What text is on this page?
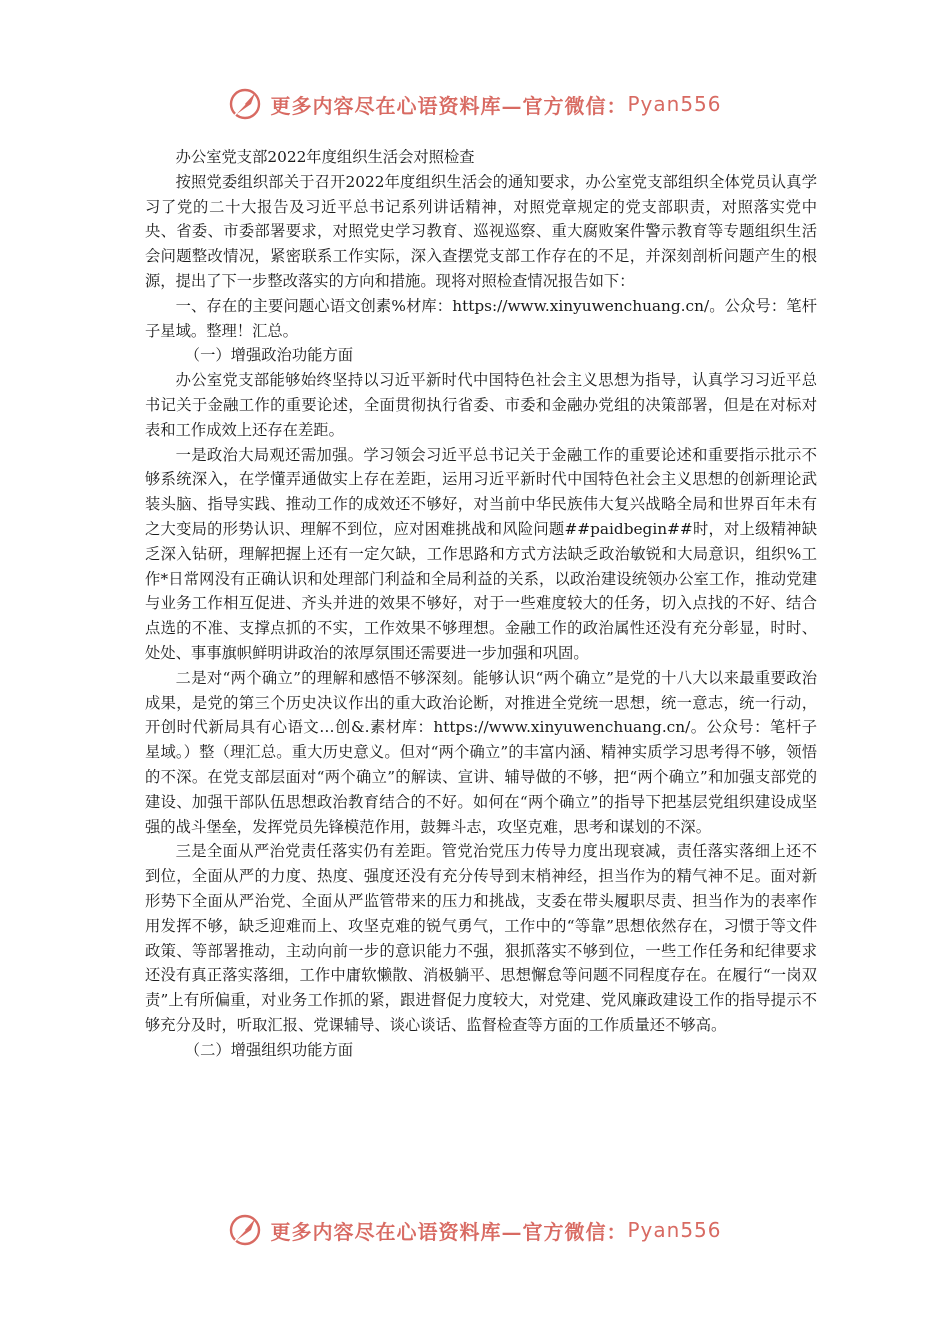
更多内容尽在心语资料库—官方微信： Pyan556

办公室党支部2022年度组织生活会对照检查

按照党委组织部关于召开2022年度组织生活会的通知要求，办公室党支部组织全体党员认真学习了党的二十大报告及习近平总书记系列讲话精神，对照党章规定的党支部职责，对照落实党中央、省委、市委部署要求，对照党史学习教育、巡视巡察、重大腐败案件警示教育等专题组织生活会问题整改情况，紧密联系工作实际，深入查摆党支部工作存在的不足，并深刻剖析问题产生的根源，提出了下一步整改落实的方向和措施。现将对照检查情况报告如下：

一、存在的主要问题心语文创素%材库：https://www.xinyuwenchuang.cn/。公众号：笔杆子星域。整理！汇总。

（一）增强政治功能方面

办公室党支部能够始终坚持以习近平新时代中国特色社会主义思想为指导，认真学习习近平总书记关于金融工作的重要论述，全面贯彻执行省委、市委和金融办党组的决策部署，但是在对标对表和工作成效上还存在差距。

一是政治大局观还需加强。学习领会习近平总书记关于金融工作的重要论述和重要指示批示不够系统深入，在学懂弄通做实上存在差距，运用习近平新时代中国特色社会主义思想的创新理论武装头脑、指导实践、推动工作的成效还不够好，对当前中华民族伟大复兴战略全局和世界百年未有之大变局的形势认识、理解不到位，应对困难挑战和风险问题##paidbegin##时，对上级精神缺乏深入钻研，理解把握上还有一定欠缺，工作思路和方式方法缺乏政治敏锐和大局意识，组织%工作*日常网没有正确认识和处理部门利益和全局利益的关系，以政治建设统领办公室工作，推动党建与业务工作相互促进、齐头并进的效果不够好，对于一些难度较大的任务，切入点找的不好、结合点选的不准、支撑点抓的不实，工作效果不够理想。金融工作的政治属性还没有充分彰显，时时、处处、事事旗帜鲜明讲政治的浓厚氛围还需要进一步加强和巩固。

二是对“两个确立”的理解和感悟不够深刻。能够认识“两个确立”是党的十八大以来最重要政治成果，是党的第三个历史决议作出的重大政治论断，对推进全党统一思想，统一意志，统一行动，开创时代新局具有心语文…创&.素材库：https://www.xinyuwenchuang.cn/。公众号：笔杆子星域。）整（理汇总。重大历史意义。但对“两个确立”的丰富内涵、精神实质学习思考得不够，领悟的不深。在党支部层面对“两个确立”的解读、宣讲、辅导做的不够，把“两个确立”和加强支部党的建设、加强干部队伍思想政治教育结合的不好。如何在“两个确立”的指导下把基层党组织建设成坚强的战斗堡垒，发挥党员先锋模范作用，鼓舞斗志，攻坚克难，思考和谋划的不深。

三是全面从严治党责任落实仍有差距。管党治党压力传导力度出现衰减，责任落实落细上还不到位，全面从严的力度、热度、强度还没有充分传导到末梢神经，担当作为的精气神不足。面对新形势下全面从严治党、全面从严监管带来的压力和挑战，支委在带头履职尽责、担当作为的表率作用发挥不够，缺乏迎难而上、攻坚克难的锐气勇气，工作中的“等靠”思想依然存在，习惯于等文件政策、等部署推动，主动向前一步的意识能力不强，狠抓落实不够到位，一些工作任务和纪律要求还没有真正落实落细，工作中庸软懒散、消极躺平、思想懈怠等问题不同程度存在。在履行“一岗双责”上有所偏重，对业务工作抓的紧，跟进督促力度较大，对党建、党风廉政建设工作的指导提示不够充分及时，听取汇报、党课辅导、谈心谈话、监督检查等方面的工作质量还不够高。

（二）增强组织功能方面

更多内容尽在心语资料库—官方微信： Pyan556
